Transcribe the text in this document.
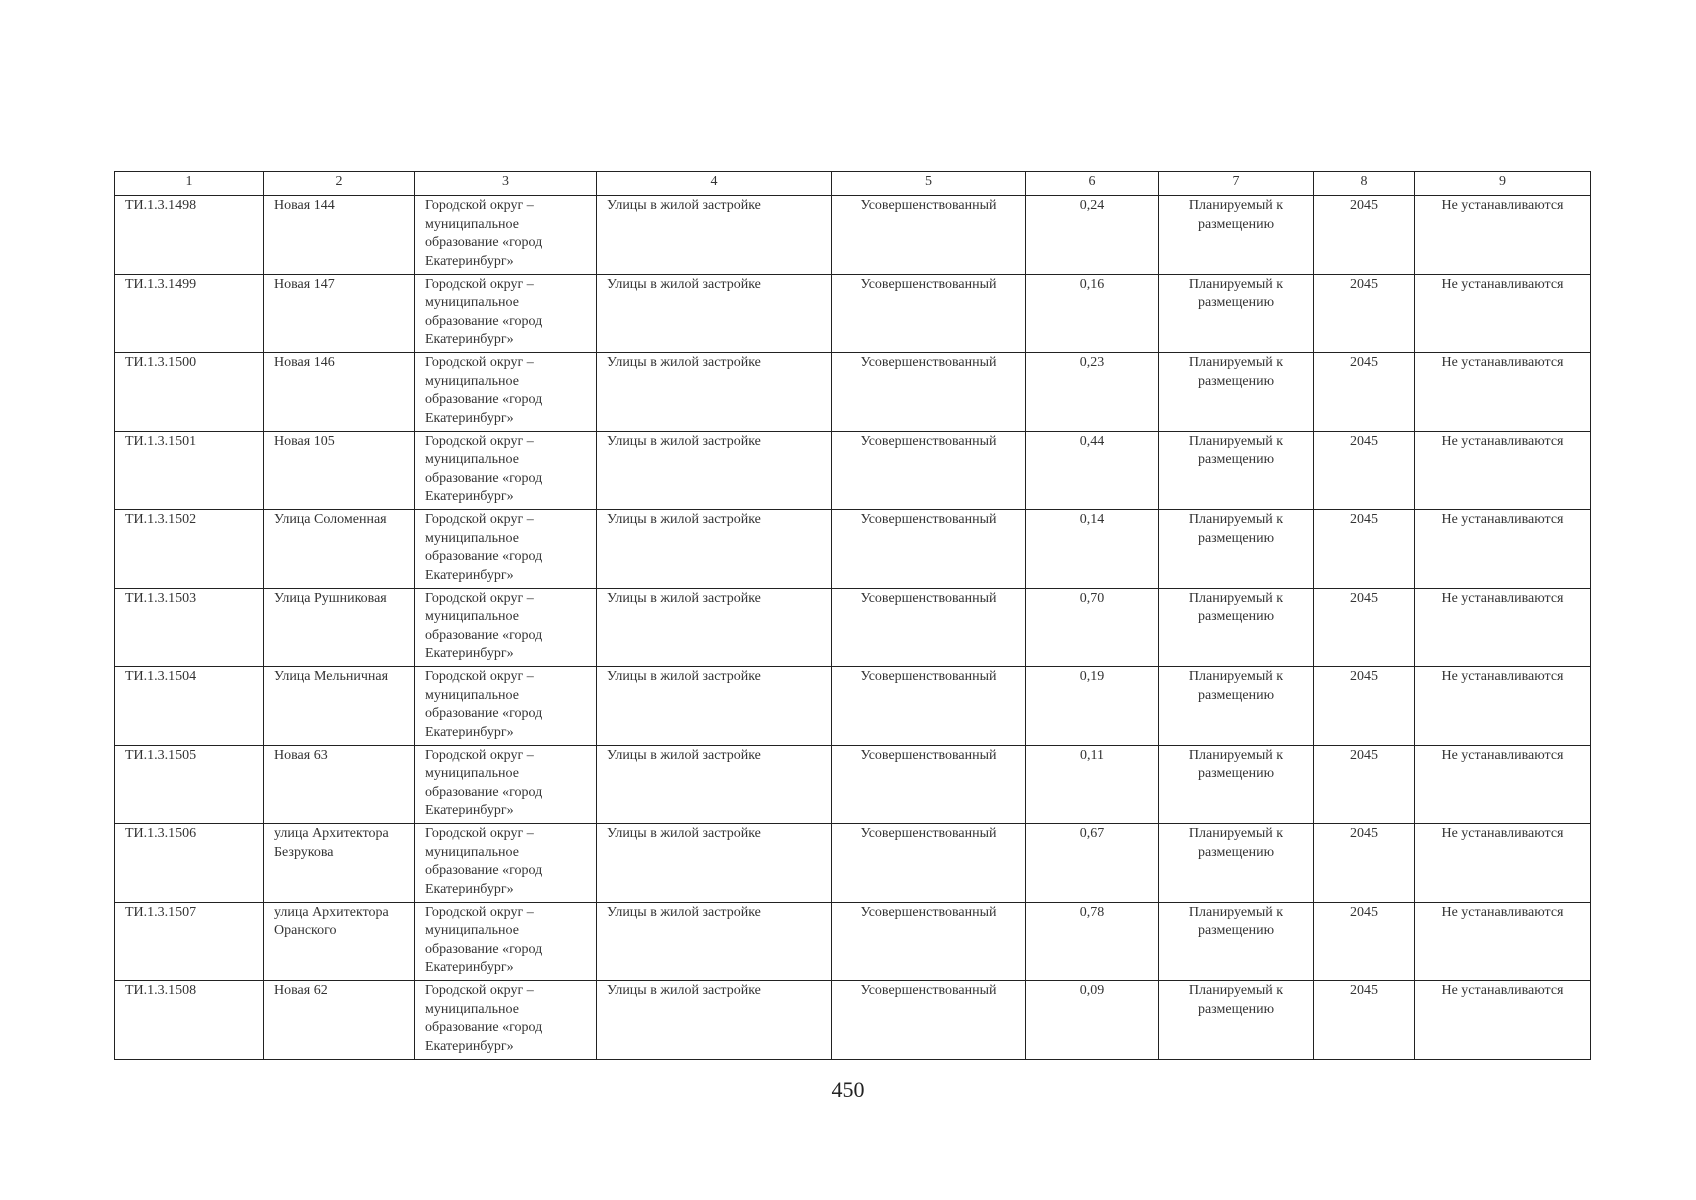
1	2	3	4	5	6	7	8	9
ТИ.1.3.1498	Новая 144	Городской округ – муниципальное образование «город Екатеринбург»	Улицы в жилой застройке	Усовершенствованный	0,24	Планируемый к размещению	2045	Не устанавливаются
ТИ.1.3.1499	Новая 147	Городской округ – муниципальное образование «город Екатеринбург»	Улицы в жилой застройке	Усовершенствованный	0,16	Планируемый к размещению	2045	Не устанавливаются
ТИ.1.3.1500	Новая 146	Городской округ – муниципальное образование «город Екатеринбург»	Улицы в жилой застройке	Усовершенствованный	0,23	Планируемый к размещению	2045	Не устанавливаются
ТИ.1.3.1501	Новая 105	Городской округ – муниципальное образование «город Екатеринбург»	Улицы в жилой застройке	Усовершенствованный	0,44	Планируемый к размещению	2045	Не устанавливаются
ТИ.1.3.1502	Улица Соломенная	Городской округ – муниципальное образование «город Екатеринбург»	Улицы в жилой застройке	Усовершенствованный	0,14	Планируемый к размещению	2045	Не устанавливаются
ТИ.1.3.1503	Улица Рушниковая	Городской округ – муниципальное образование «город Екатеринбург»	Улицы в жилой застройке	Усовершенствованный	0,70	Планируемый к размещению	2045	Не устанавливаются
ТИ.1.3.1504	Улица Мельничная	Городской округ – муниципальное образование «город Екатеринбург»	Улицы в жилой застройке	Усовершенствованный	0,19	Планируемый к размещению	2045	Не устанавливаются
ТИ.1.3.1505	Новая 63	Городской округ – муниципальное образование «город Екатеринбург»	Улицы в жилой застройке	Усовершенствованный	0,11	Планируемый к размещению	2045	Не устанавливаются
ТИ.1.3.1506	улица Архитектора Безрукова	Городской округ – муниципальное образование «город Екатеринбург»	Улицы в жилой застройке	Усовершенствованный	0,67	Планируемый к размещению	2045	Не устанавливаются
ТИ.1.3.1507	улица Архитектора Оранского	Городской округ – муниципальное образование «город Екатеринбург»	Улицы в жилой застройке	Усовершенствованный	0,78	Планируемый к размещению	2045	Не устанавливаются
ТИ.1.3.1508	Новая 62	Городской округ – муниципальное образование «город Екатеринбург»	Улицы в жилой застройке	Усовершенствованный	0,09	Планируемый к размещению	2045	Не устанавливаются
450
